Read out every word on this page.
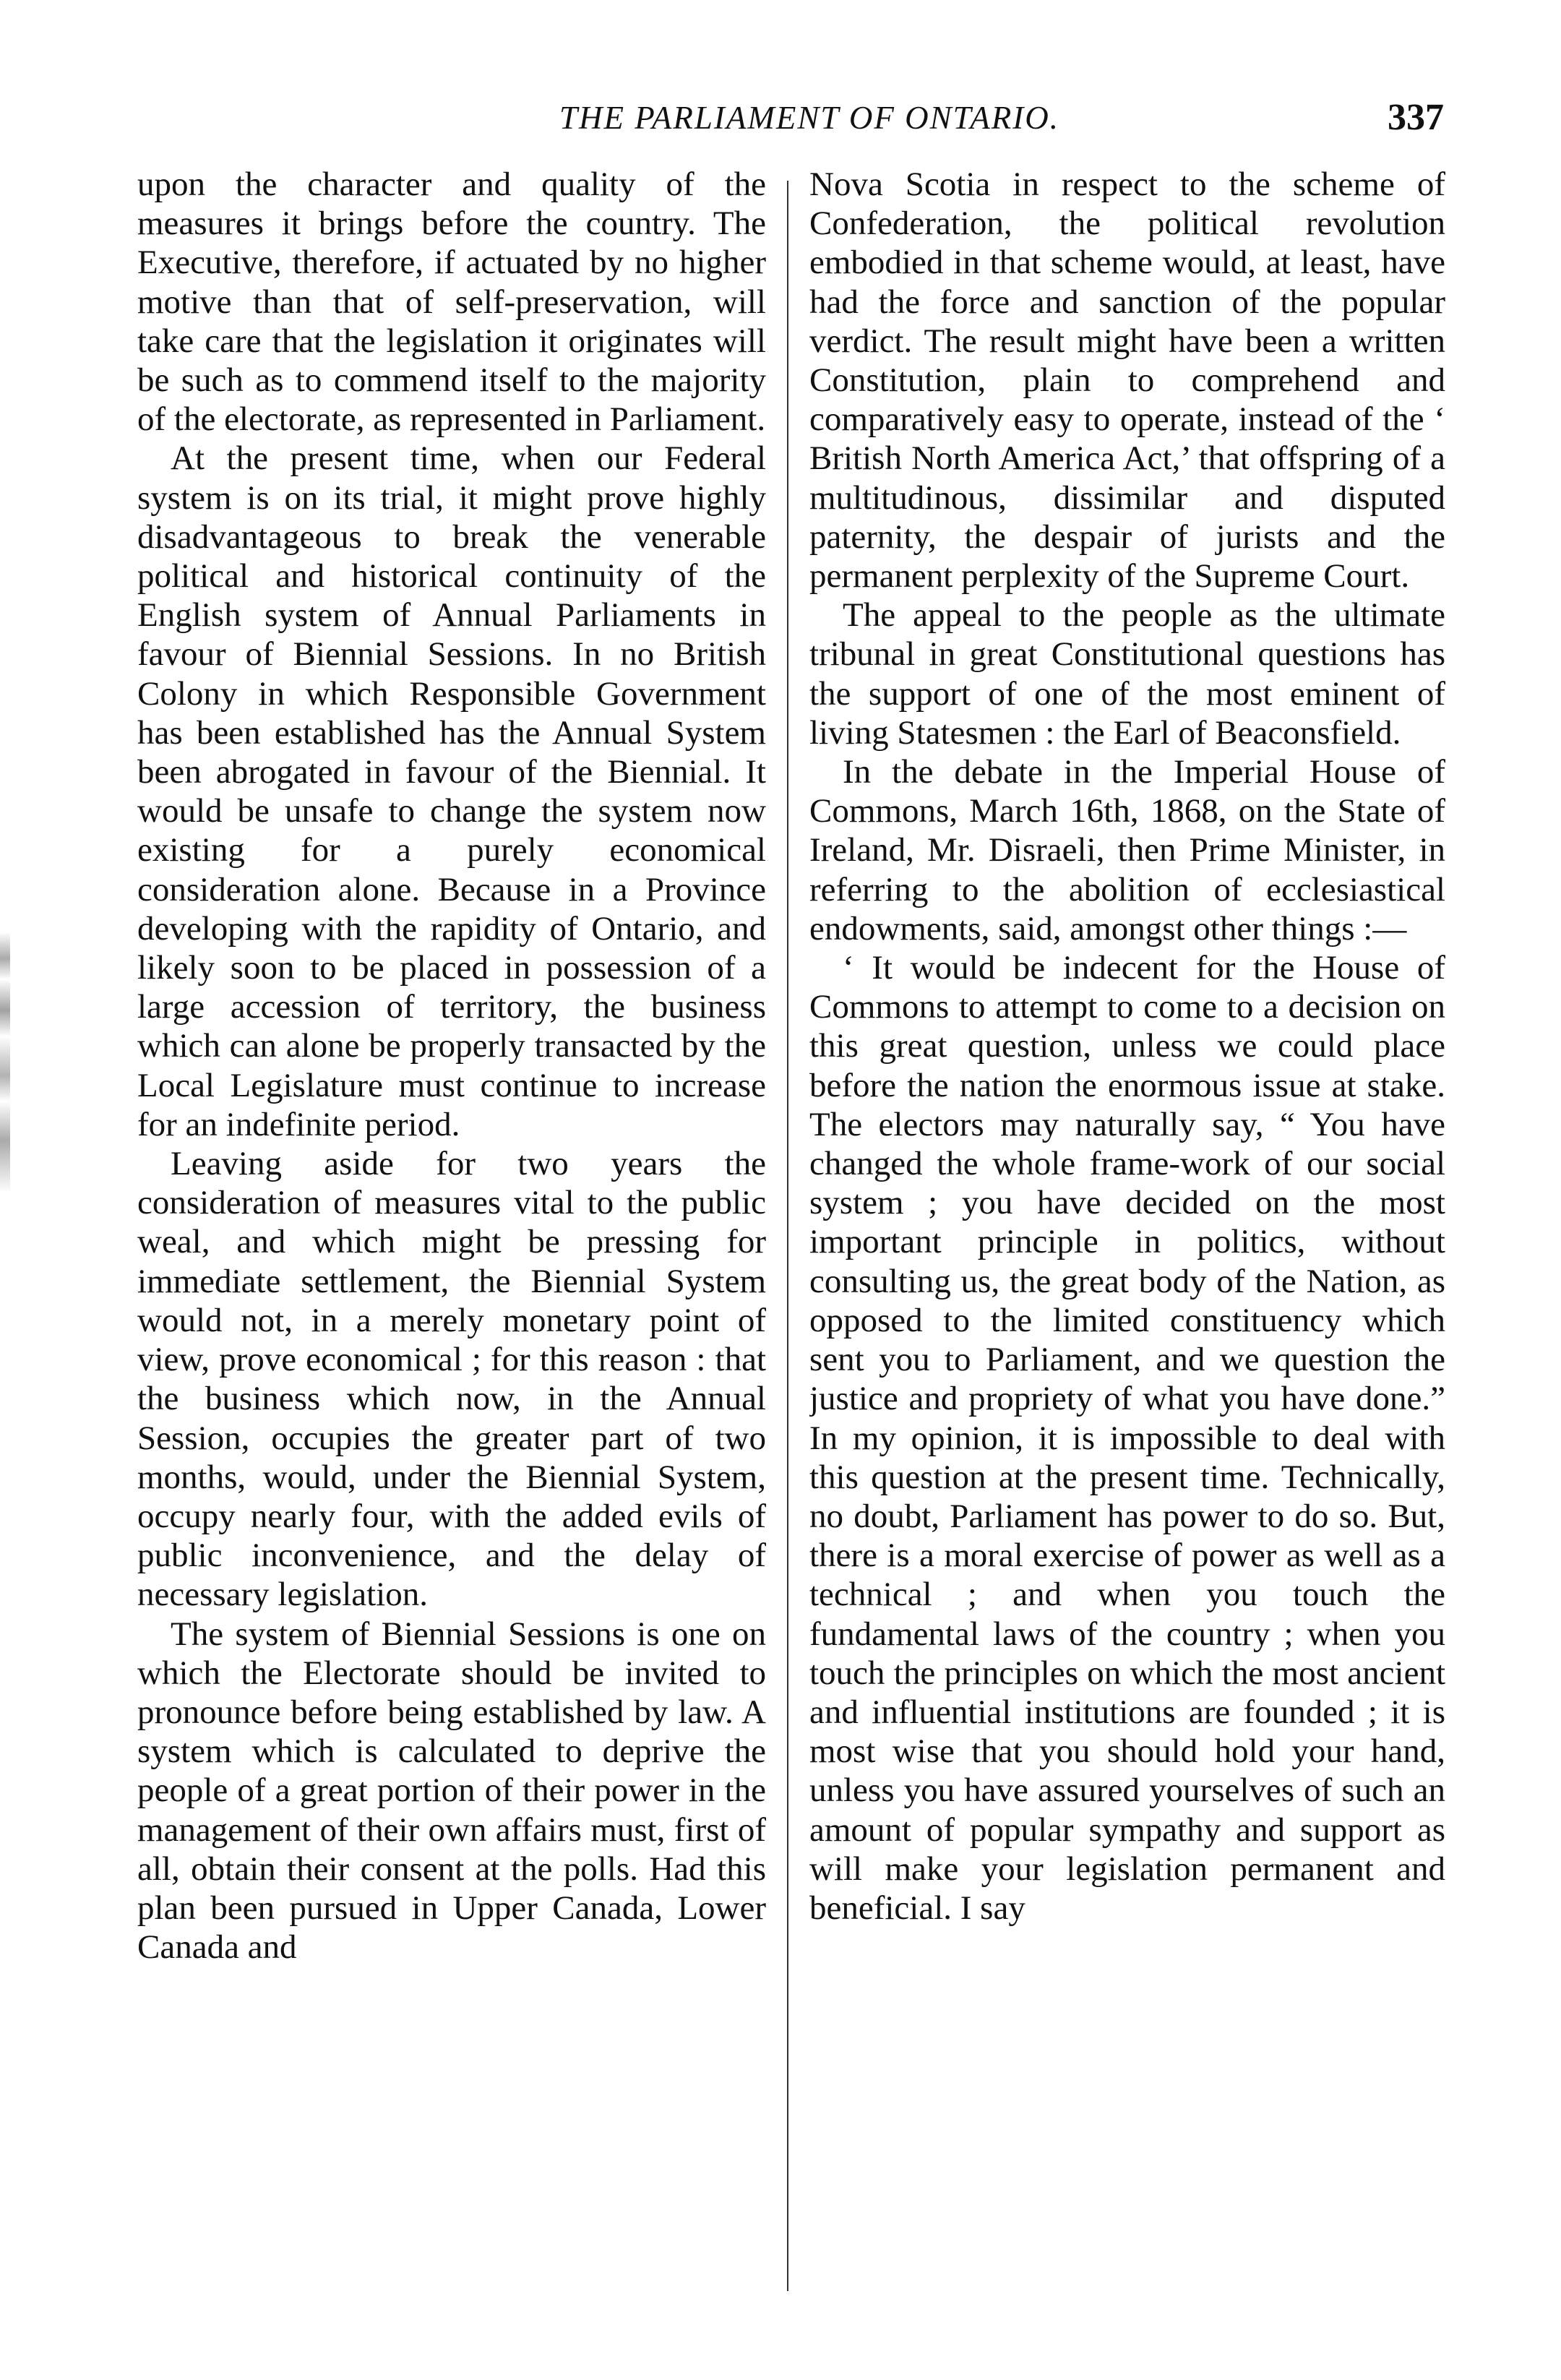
THE PARLIAMENT OF ONTARIO.	337

upon the character and quality of the measures it brings before the country. The Executive, therefore, if actuated by no higher motive than that of self-preservation, will take care that the legislation it originates will be such as to commend itself to the majority of the electorate, as represented in Parliament.

At the present time, when our Federal system is on its trial, it might prove highly disadvantageous to break the venerable political and historical continuity of the English system of Annual Parliaments in favour of Biennial Sessions. In no British Colony in which Responsible Government has been established has the Annual System been abrogated in favour of the Biennial. It would be unsafe to change the system now existing for a purely economical consideration alone. Because in a Province developing with the rapidity of Ontario, and likely soon to be placed in possession of a large accession of territory, the business which can alone be properly transacted by the Local Legislature must continue to increase for an indefinite period.

Leaving aside for two years the consideration of measures vital to the public weal, and which might be pressing for immediate settlement, the Biennial System would not, in a merely monetary point of view, prove economical ; for this reason : that the business which now, in the Annual Session, occupies the greater part of two months, would, under the Biennial System, occupy nearly four, with the added evils of public inconvenience, and the delay of necessary legislation.

The system of Biennial Sessions is one on which the Electorate should be invited to pronounce before being established by law. A system which is calculated to deprive the people of a great portion of their power in the management of their own affairs must, first of all, obtain their consent at the polls. Had this plan been pursued in Upper Canada, Lower Canada and

Nova Scotia in respect to the scheme of Confederation, the political revolution embodied in that scheme would, at least, have had the force and sanction of the popular verdict. The result might have been a written Constitution, plain to comprehend and comparatively easy to operate, instead of the ‘ British North America Act,’ that offspring of a multitudinous, dissimilar and disputed paternity, the despair of jurists and the permanent perplexity of the Supreme Court.

The appeal to the people as the ultimate tribunal in great Constitutional questions has the support of one of the most eminent of living Statesmen : the Earl of Beaconsfield.

In the debate in the Imperial House of Commons, March 16th, 1868, on the State of Ireland, Mr. Disraeli, then Prime Minister, in referring to the abolition of ecclesiastical endowments, said, amongst other things :—

‘ It would be indecent for the House of Commons to attempt to come to a decision on this great question, unless we could place before the nation the enormous issue at stake. The electors may naturally say, “ You have changed the whole frame-work of our social system ; you have decided on the most important principle in politics, without consulting us, the great body of the Nation, as opposed to the limited constituency which sent you to Parliament, and we question the justice and propriety of what you have done.” In my opinion, it is impossible to deal with this question at the present time. Technically, no doubt, Parliament has power to do so. But, there is a moral exercise of power as well as a technical ; and when you touch the fundamental laws of the country ; when you touch the principles on which the most ancient and influential institutions are founded ; it is most wise that you should hold your hand, unless you have assured yourselves of such an amount of popular sympathy and support as will make your legislation permanent and beneficial. I say
